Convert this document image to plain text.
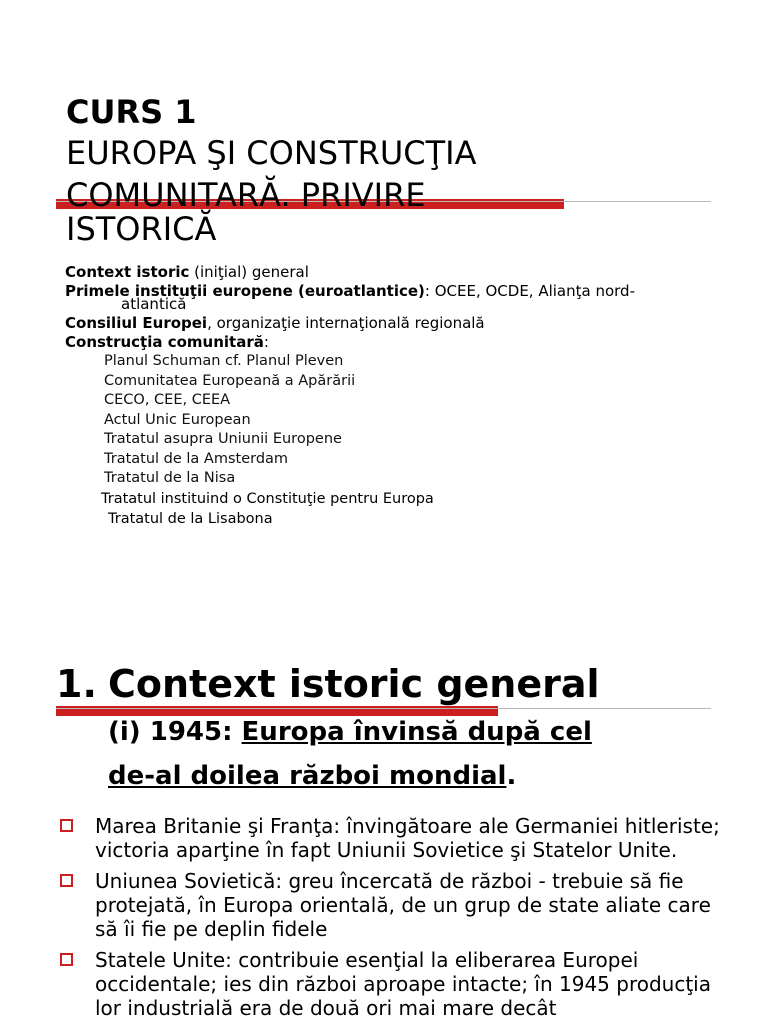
CURS 1
EUROPA ŞI CONSTRUCŢIA
COMUNITARĂ. PRIVIRE
ISTORICĂ
Context istoric (iniţial) general
Primele instituţii europene (euroatlantice): OCEE, OCDE, Alianţa nord-
atlantică
Consiliul Europei, organizaţie internaţională regională
Construcţia comunitară:
Planul Schuman cf. Planul Pleven
Comunitatea Europeană a Apărării
CECO, CEE, CEEA
Actul Unic European
Tratatul asupra Uniunii Europene
Tratatul de la Amsterdam
Tratatul de la Nisa
Tratatul instituind o Constituţie pentru Europa
Tratatul de la Lisabona
1. Context istoric general
(i) 1945: Europa învinsă după cel
de-al doilea război mondial.
Marea Britanie şi Franţa: învingătoare ale Germaniei hitleriste; victoria aparţine în fapt Uniunii Sovietice şi Statelor Unite.
Uniunea Sovietică: greu încercată de război - trebuie să fie protejată, în Europa orientală, de un grup de state aliate care să îi fie pe deplin fidele
Statele Unite: contribuie esenţial la eliberarea Europei occidentale; ies din război aproape intacte; în 1945 producţia lor industrială era de două ori mai mare decât
